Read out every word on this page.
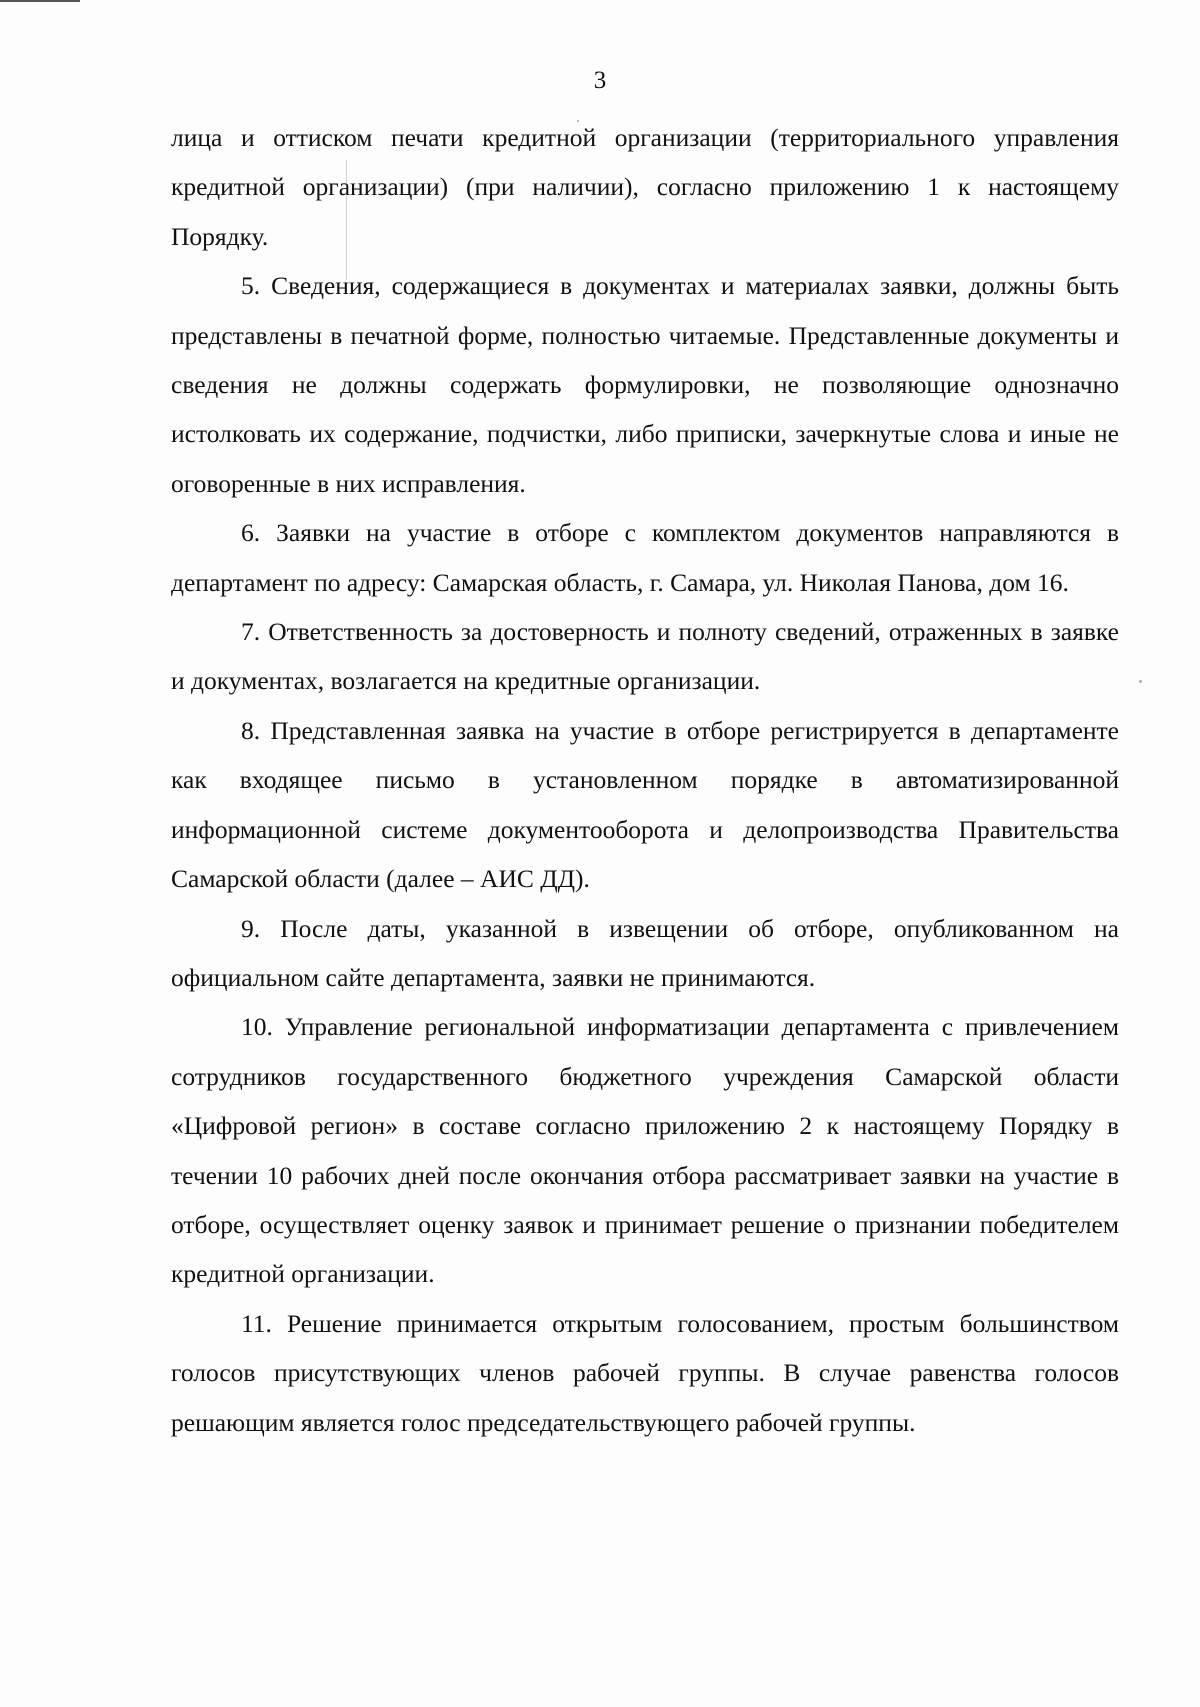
3

лица и оттиском печати кредитной организации (территориального управления кредитной организации) (при наличии), согласно приложению 1 к настоящему Порядку.

5. Сведения, содержащиеся в документах и материалах заявки, должны быть представлены в печатной форме, полностью читаемые. Представленные документы и сведения не должны содержать формулировки, не позволяющие однозначно истолковать их содержание, подчистки, либо приписки, зачеркнутые слова и иные не оговоренные в них исправления.

6. Заявки на участие в отборе с комплектом документов направляются в департамент по адресу: Самарская область, г. Самара, ул. Николая Панова, дом 16.

7. Ответственность за достоверность и полноту сведений, отраженных в заявке и документах, возлагается на кредитные организации.

8. Представленная заявка на участие в отборе регистрируется в департаменте как входящее письмо в установленном порядке в автоматизированной информационной системе документооборота и делопроизводства Правительства Самарской области (далее – АИС ДД).

9. После даты, указанной в извещении об отборе, опубликованном на официальном сайте департамента, заявки не принимаются.

10. Управление региональной информатизации департамента с привлечением сотрудников государственного бюджетного учреждения Самарской области «Цифровой регион» в составе согласно приложению 2 к настоящему Порядку в течении 10 рабочих дней после окончания отбора рассматривает заявки на участие в отборе, осуществляет оценку заявок и принимает решение о признании победителем кредитной организации.

11. Решение принимается открытым голосованием, простым большинством голосов присутствующих членов рабочей группы. В случае равенства голосов решающим является голос председательствующего рабочей группы.
